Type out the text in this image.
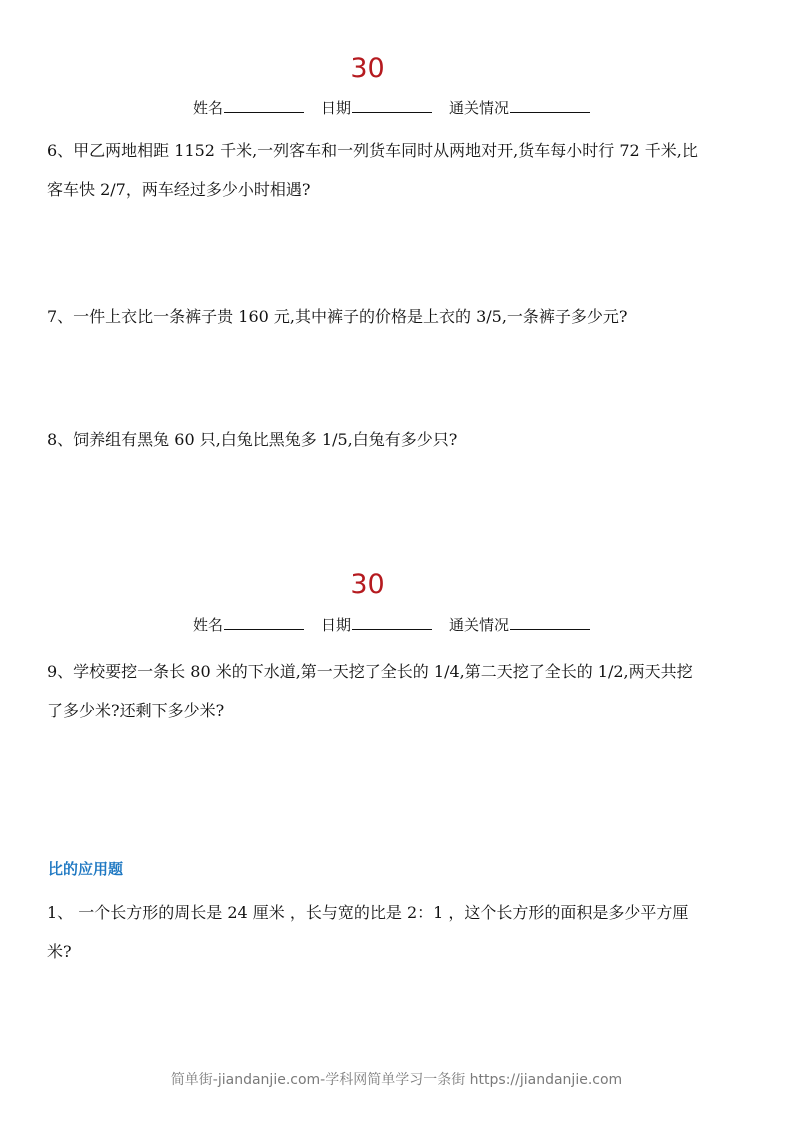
30
姓名	日期	通关情况
6、甲乙两地相距 1152 千米,一列客车和一列货车同时从两地对开,货车每小时行 72 千米,比
客车快 2/7，两车经过多少小时相遇?
7、一件上衣比一条裤子贵 160 元,其中裤子的价格是上衣的 3/5,一条裤子多少元?
8、饲养组有黑兔 60 只,白兔比黑兔多 1/5,白兔有多少只?
30
姓名	日期	通关情况
9、学校要挖一条长 80 米的下水道,第一天挖了全长的 1/4,第二天挖了全长的 1/2,两天共挖
了多少米?还剩下多少米?
比的应用题
1、 一个长方形的周长是 24 厘米 ，长与宽的比是 2：1 ，这个长方形的面积是多少平方厘
米?
简单街-jiandanjie.com-学科网简单学习一条街 https://jiandanjie.com
